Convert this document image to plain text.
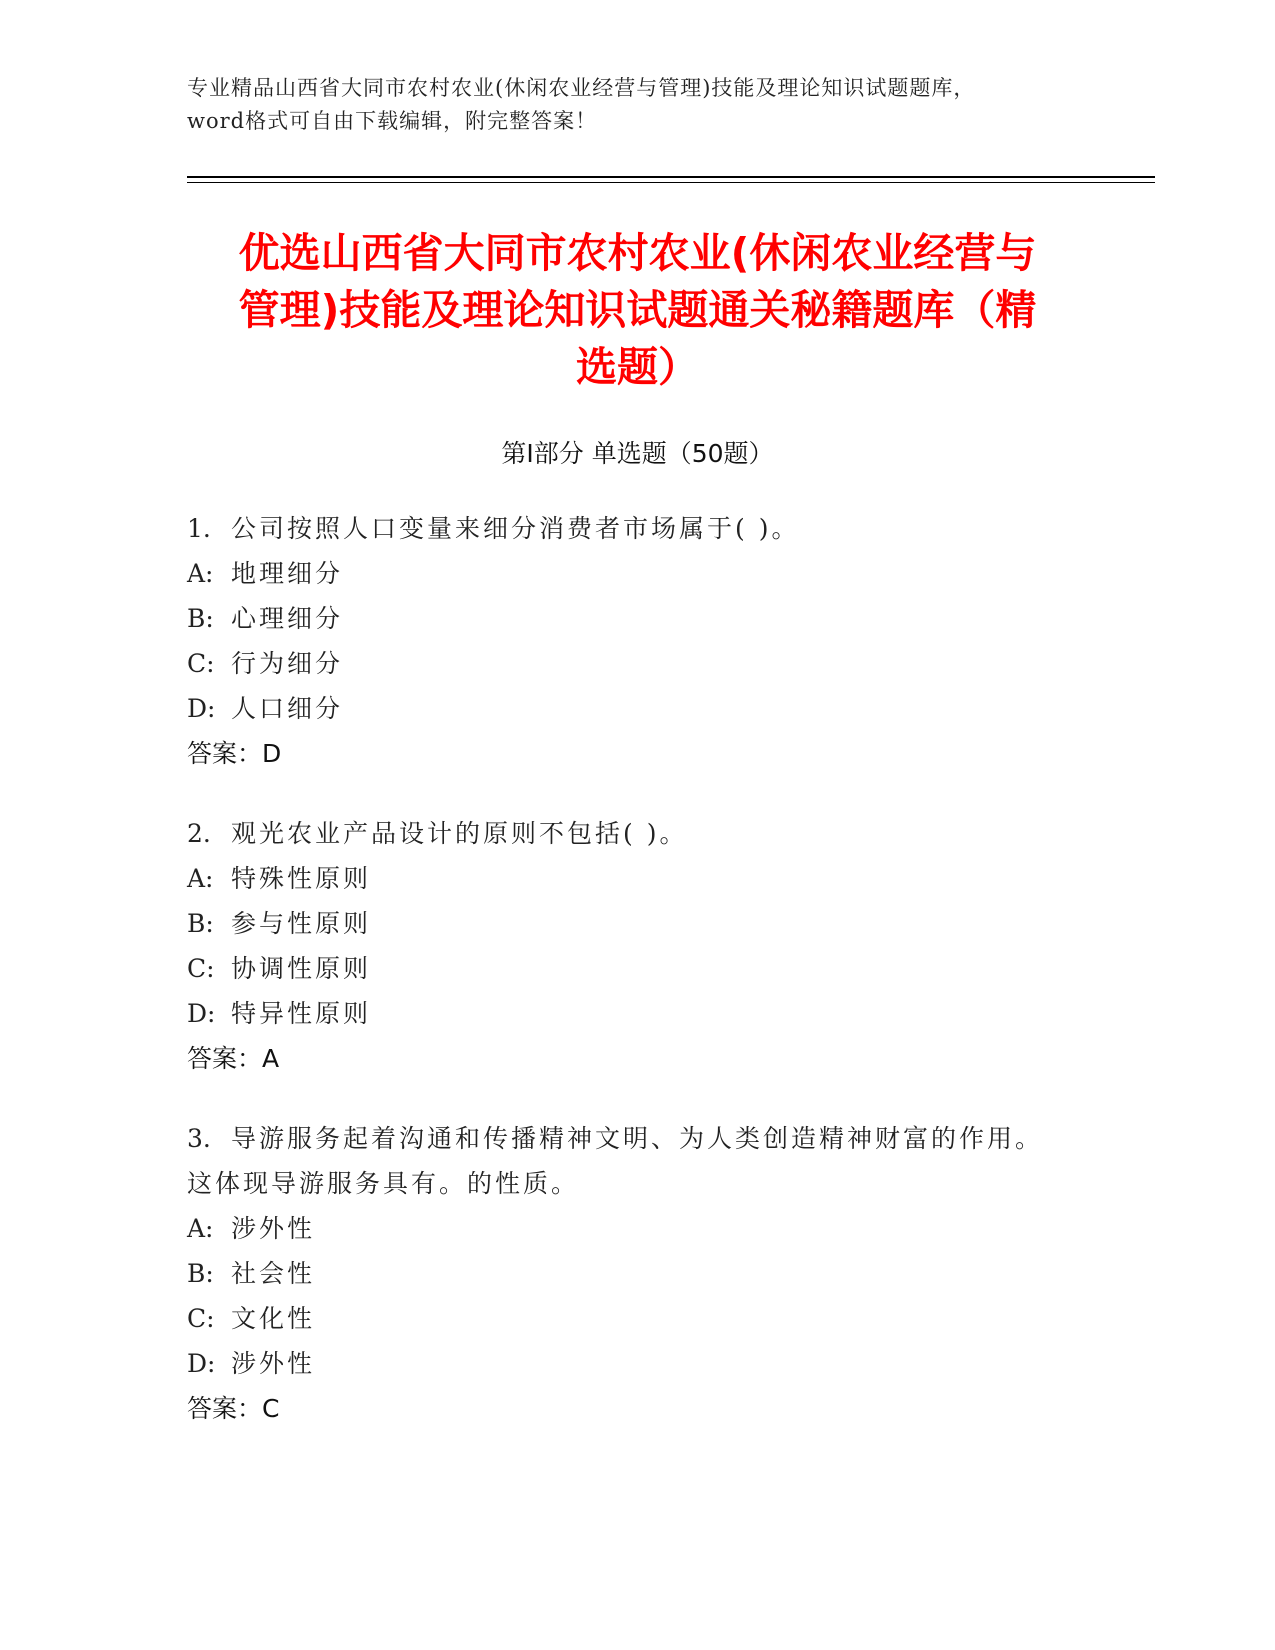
专业精品山西省大同市农村农业(休闲农业经营与管理)技能及理论知识试题题库，
word格式可自由下载编辑，附完整答案！
优选山西省大同市农村农业(休闲农业经营与
管理)技能及理论知识试题通关秘籍题库（精
选题）
第Ⅰ部分 单选题（50题）

1. 公司按照人口变量来细分消费者市场属于( )。

A: 地理细分

B: 心理细分

C: 行为细分

D: 人口细分

答案：D

2. 观光农业产品设计的原则不包括( )。

A: 特殊性原则

B: 参与性原则

C: 协调性原则

D: 特异性原则

答案：A

3. 导游服务起着沟通和传播精神文明、为人类创造精神财富的作用。

这体现导游服务具有。的性质。

A: 涉外性

B: 社会性

C: 文化性

D: 涉外性

答案：C
